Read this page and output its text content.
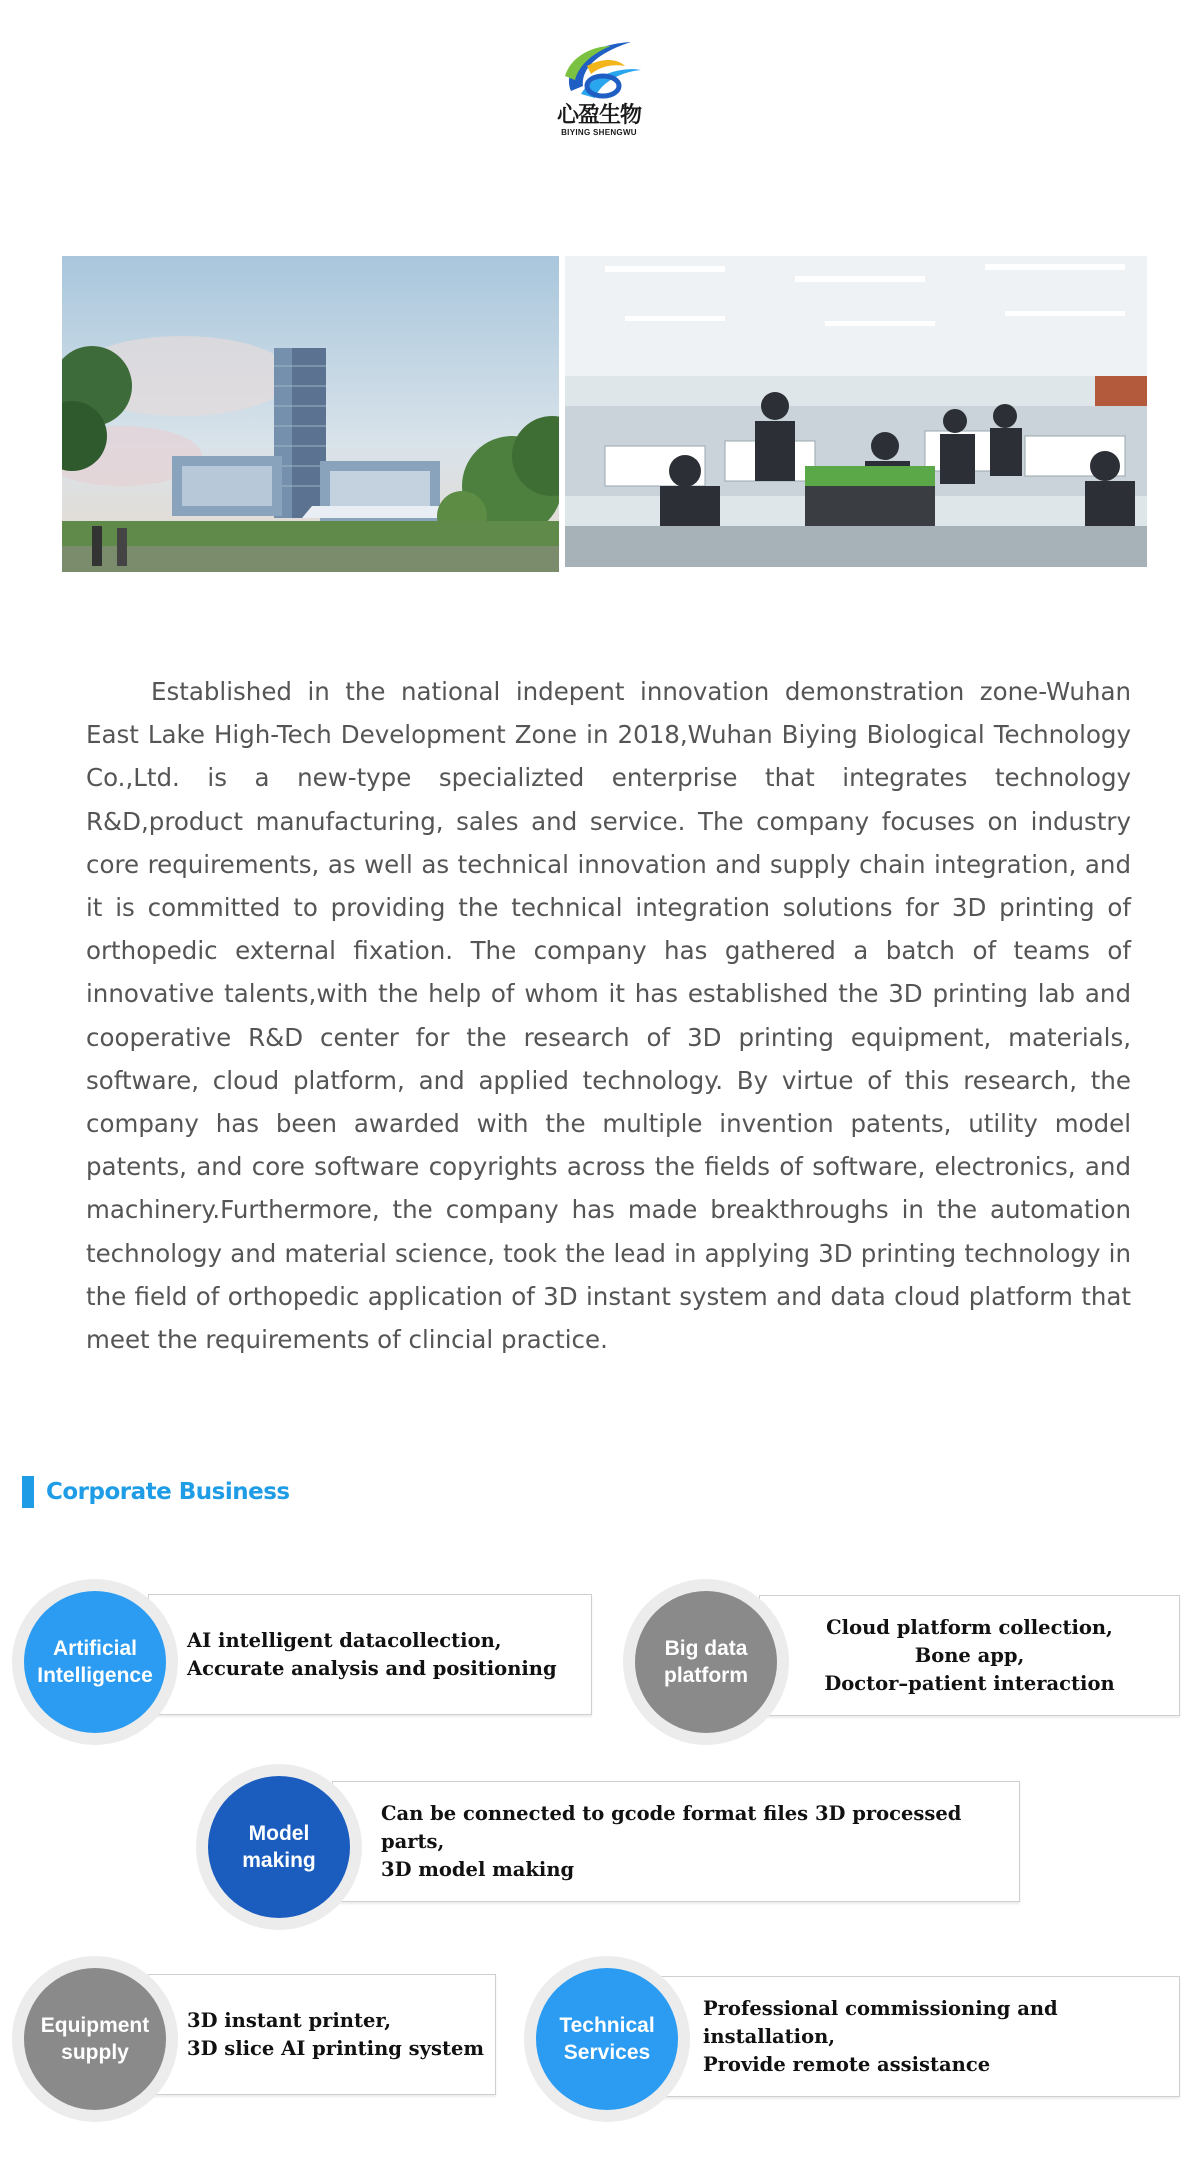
心盈生物
BIYING SHENGWU

Established in the national indepent innovation demonstration zone-Wuhan East Lake High-Tech Development Zone in 2018,Wuhan Biying Biological Technology Co.,Ltd. is a new-type specializted enterprise that integrates technology R&D,product manufacturing, sales and service. The company focuses on industry core requirements, as well as technical innovation and supply chain integration, and it is committed to providing the technical integration solutions for 3D printing of orthopedic external fixation. The company has gathered a batch of teams of innovative talents,with the help of whom it has established the 3D printing lab and cooperative R&D center for the research of 3D printing equipment, materials, software, cloud platform, and applied technology. By virtue of this research, the company has been awarded with the multiple invention patents, utility model patents, and core software copyrights across the fields of software, electronics, and machinery.Furthermore, the company has made breakthroughs in the automation technology and material science, took the lead in applying 3D printing technology in the field of orthopedic application of 3D instant system and data cloud platform that meet the requirements of clincial practice.

Corporate Business
AI intelligent datacollection,
Accurate analysis and positioning
Artificial
Intelligence
Cloud platform collection,
Bone app,
Doctor–patient interaction
Big data
platform
Can be connected to gcode format files 3D processed parts,
3D model making
Model
making
3D instant printer,
3D slice AI printing system
Equipment
supply
Professional commissioning and installation,
Provide remote assistance
Technical
Services
